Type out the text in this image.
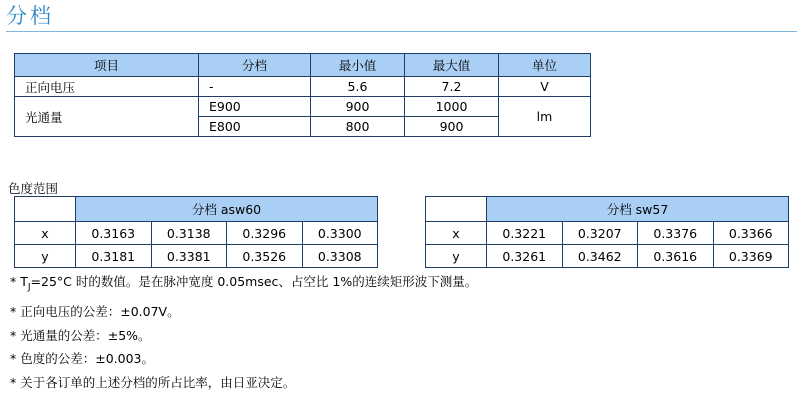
分档
项目	分档	最小值	最大值	单位
正向电压	-	5.6	7.2	V
光通量	E900	900	1000	lm
	E800	800	900	
色度范围
	分档 asw60			
x	0.3163	0.3138	0.3296	0.3300
y	0.3181	0.3381	0.3526	0.3308
	分档 sw57			
x	0.3221	0.3207	0.3376	0.3366
y	0.3261	0.3462	0.3616	0.3369
* $T_J=25^\circ C$ 时的数值。是在脉冲宽度 0.05msec、占空比 1%的连续矩形波下测量。
* 正向电压的公差：±0.07V。
* 光通量的公差：±5%。
* 色度的公差：±0.003。
* 关于各订单的上述分档的所占比率，由日亚决定。
